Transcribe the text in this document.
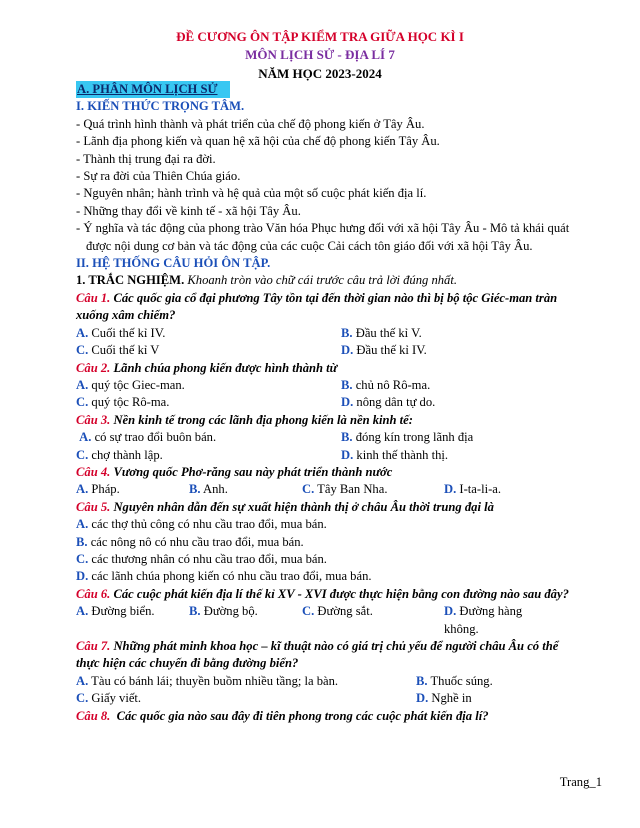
ĐỀ CƯƠNG ÔN TẬP KIỂM TRA GIỮA HỌC KÌ I
MÔN LỊCH SỬ - ĐỊA LÍ 7
NĂM HỌC 2023-2024
A. PHÂN MÔN LỊCH SỬ
I. KIẾN THỨC TRỌNG TÂM.
- Quá trình hình thành và phát triển của chế độ phong kiến ở Tây Âu.
- Lãnh địa phong kiến và quan hệ xã hội của chế độ phong kiến Tây Âu.
- Thành thị trung đại ra đời.
- Sự ra đời của Thiên Chúa giáo.
- Nguyên nhân; hành trình và hệ quả của một số cuộc phát kiến địa lí.
- Những thay đổi về kinh tế - xã hội Tây Âu.
- Ý nghĩa và tác động của phong trào Văn hóa Phục hưng đối với xã hội Tây Âu - Mô tả khái quát được nội dung cơ bản và tác động của các cuộc Cải cách tôn giáo đối với xã hội Tây Âu.
II. HỆ THỐNG CÂU HỎI ÔN TẬP.
1. TRẮC NGHIỆM. Khoanh tròn vào chữ cái trước câu trả lời đúng nhất.
Câu 1. Các quốc gia cổ đại phương Tây tồn tại đến thời gian nào thì bị bộ tộc Giéc-man tràn xuống xâm chiếm?
A. Cuối thế kỉ IV.	B. Đầu thế kỉ V.
C. Cuối thế kỉ V	D. Đầu thế kỉ IV.
Câu 2. Lãnh chúa phong kiến được hình thành từ
A. quý tộc Giec-man.	B. chủ nô Rô-ma.
C. quý tộc Rô-ma.	D. nông dân tự do.
Câu 3. Nền kinh tế trong các lãnh địa phong kiến là nền kinh tế:
A. có sự trao đổi buôn bán.	B. đóng kín trong lãnh địa
C. chợ thành lập.	D. kinh thế thành thị.
Câu 4. Vương quốc Phơ-răng sau này phát triển thành nước
A. Pháp.	B. Anh.	C. Tây Ban Nha.	D. I-ta-li-a.
Câu 5. Nguyên nhân dẫn đến sự xuất hiện thành thị ở châu Âu thời trung đại là
A. các thợ thủ công có nhu cầu trao đổi, mua bán.
B. các nông nô có nhu cầu trao đổi, mua bán.
C. các thương nhân có nhu cầu trao đổi, mua bán.
D. các lãnh chúa phong kiến có nhu cầu trao đổi, mua bán.
Câu 6. Các cuộc phát kiến địa lí thế kỉ XV - XVI được thực hiện bằng con đường nào sau đây?
A. Đường biển.	B. Đường bộ.	C. Đường sắt.	D. Đường hàng không.
Câu 7. Những phát minh khoa học – kĩ thuật nào có giá trị chủ yếu để người châu Âu có thể thực hiện các chuyến đi bằng đường biển?
A. Tàu có bánh lái; thuyền buồm nhiều tầng; la bàn.	B. Thuốc súng.
C. Giấy viết.	D. Nghề in
Câu 8. Các quốc gia nào sau đây đi tiên phong trong các cuộc phát kiến địa lí?
Trang_1
